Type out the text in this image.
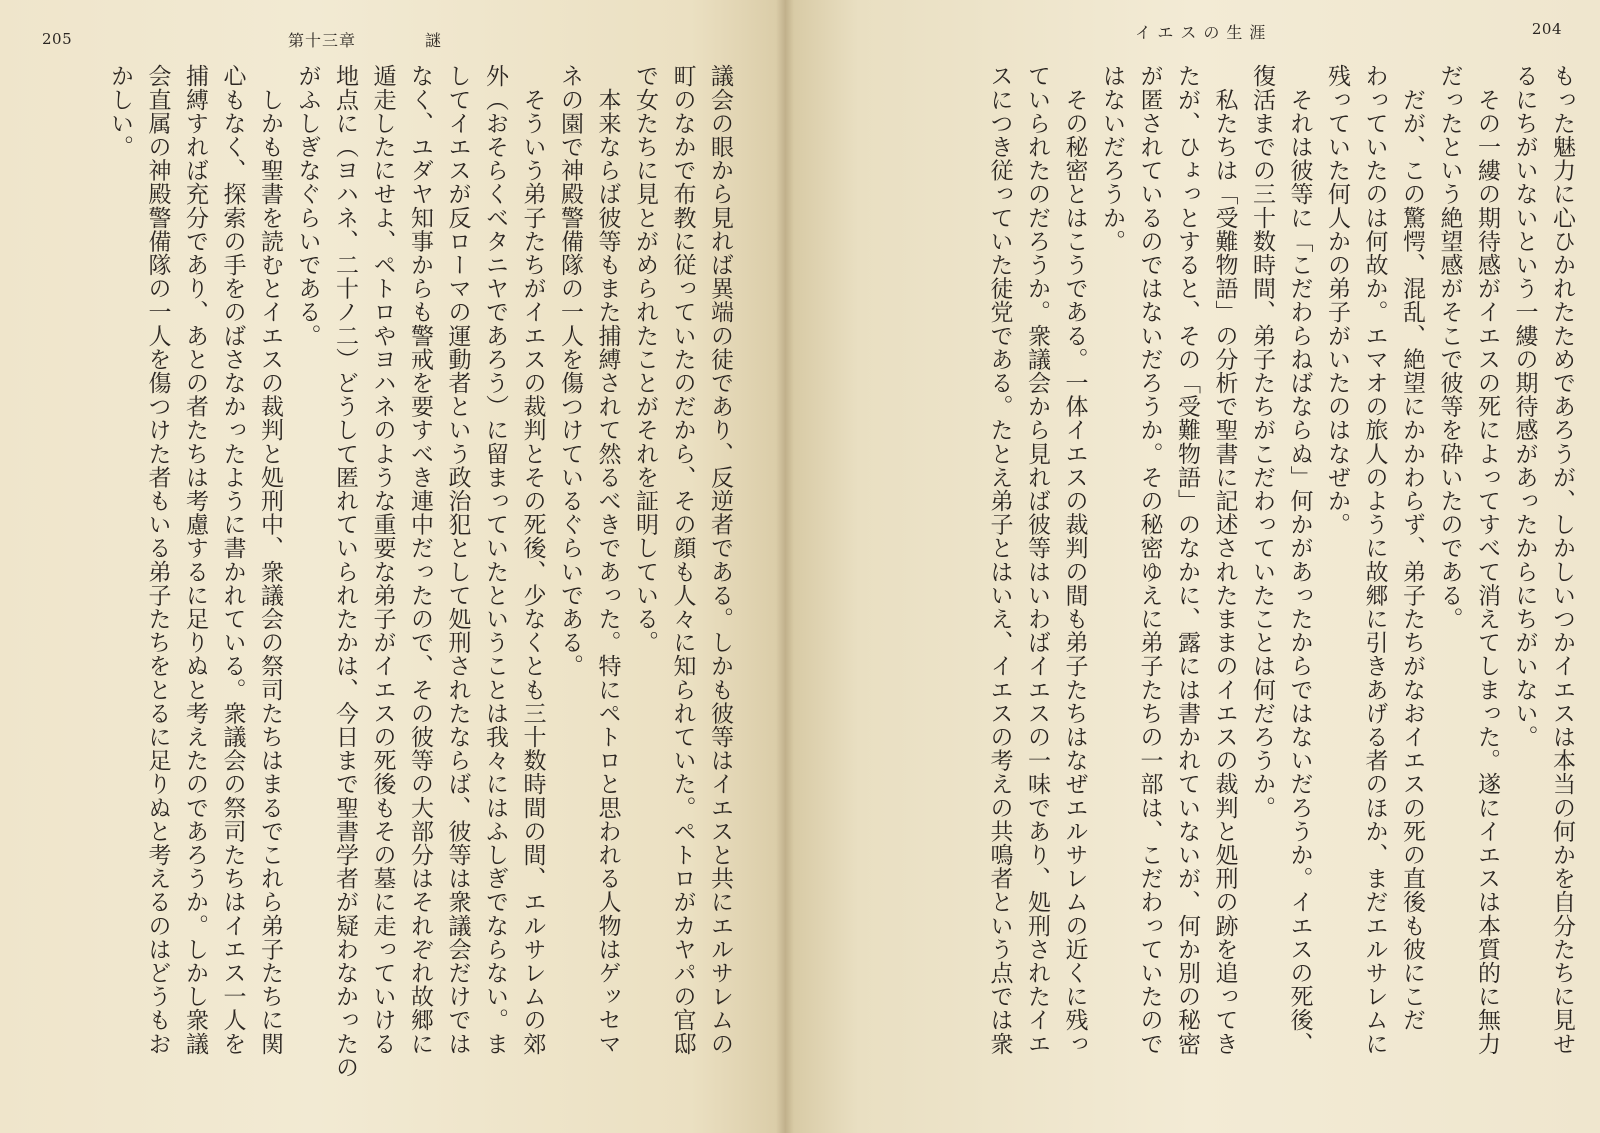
205	第十三章	謎

議会の眼から見れば異端の徒であり、反逆者である。しかも彼等はイエスと共にエルサレムの

町のなかで布教に従っていたのだから、その顔も人々に知られていた。ペトロがカヤパの官邸

で女たちに見とがめられたことがそれを証明している。

　本来ならば彼等もまた捕縛されて然るべきであった。特にペトロと思われる人物はゲッセマ

ネの園で神殿警備隊の一人を傷つけているぐらいである。

　そういう弟子たちがイエスの裁判とその死後、少なくとも三十数時間の間、エルサレムの郊

外（おそらくベタニヤであろう）に留まっていたということは我々にはふしぎでならない。ま

してイエスが反ローマの運動者という政治犯として処刑されたならば、彼等は衆議会だけでは

なく、ユダヤ知事からも警戒を要すべき連中だったので、その彼等の大部分はそれぞれ故郷に

遁走したにせよ、ペトロやヨハネのような重要な弟子がイエスの死後もその墓に走っていける

地点に（ヨハネ、二十ノ二）どうして匿れていられたかは、今日まで聖書学者が疑わなかったの

がふしぎなぐらいである。

　しかも聖書を読むとイエスの裁判と処刑中、衆議会の祭司たちはまるでこれら弟子たちに関

心もなく、探索の手をのばさなかったように書かれている。衆議会の祭司たちはイエス一人を

捕縛すれば充分であり、あとの者たちは考慮するに足りぬと考えたのであろうか。しかし衆議

会直属の神殿警備隊の一人を傷つけた者もいる弟子たちをとるに足りぬと考えるのはどうもお

かしい。

204

もった魅力に心ひかれたためであろうが、しかしいつかイエスは本当の何かを自分たちに見せ

るにちがいないという一縷の期待感があったからにちがいない。

　その一縷の期待感がイエスの死によってすべて消えてしまった。遂にイエスは本質的に無力

だったという絶望感がそこで彼等を砕いたのである。

　だが、この驚愕、混乱、絶望にかかわらず、弟子たちがなおイエスの死の直後も彼にこだ

わっていたのは何故か。エマオの旅人のように故郷に引きあげる者のほか、まだエルサレムに

残っていた何人かの弟子がいたのはなぜか。

　それは彼等に「こだわらねばならぬ」何かがあったからではないだろうか。イエスの死後、

復活までの三十数時間、弟子たちがこだわっていたことは何だろうか。

　私たちは「受難物語」の分析で聖書に記述されたままのイエスの裁判と処刑の跡を追ってき

たが、ひょっとすると、その「受難物語」のなかに、露には書かれていないが、何か別の秘密

が匿されているのではないだろうか。その秘密ゆえに弟子たちの一部は、こだわっていたので

はないだろうか。

　その秘密とはこうである。一体イエスの裁判の間も弟子たちはなぜエルサレムの近くに残っ

ていられたのだろうか。衆議会から見れば彼等はいわばイエスの一味であり、処刑されたイエ

スにつき従っていた徒党である。たとえ弟子とはいえ、イエスの考えの共鳴者という点では衆

イエスの生涯
